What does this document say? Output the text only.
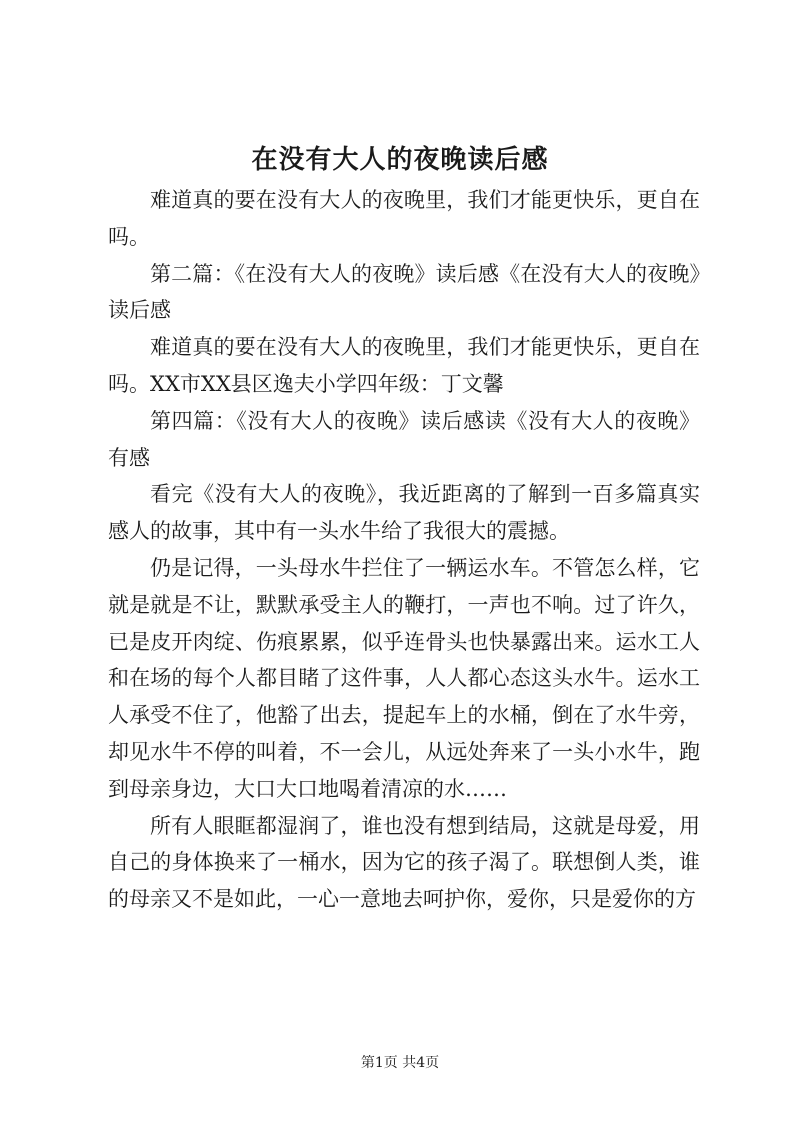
在没有大人的夜晚读后感

难道真的要在没有大人的夜晚里，我们才能更快乐，更自在吗。

第二篇：《在没有大人的夜晚》读后感《在没有大人的夜晚》读后感

难道真的要在没有大人的夜晚里，我们才能更快乐，更自在吗。XX市XX县区逸夫小学四年级：丁文馨

第四篇：《没有大人的夜晚》读后感读《没有大人的夜晚》有感

看完《没有大人的夜晚》，我近距离的了解到一百多篇真实感人的故事，其中有一头水牛给了我很大的震撼。

仍是记得，一头母水牛拦住了一辆运水车。不管怎么样，它就是就是不让，默默承受主人的鞭打，一声也不响。过了许久，已是皮开肉绽、伤痕累累，似乎连骨头也快暴露出来。运水工人和在场的每个人都目睹了这件事，人人都心态这头水牛。运水工人承受不住了，他豁了出去，提起车上的水桶，倒在了水牛旁，却见水牛不停的叫着，不一会儿，从远处奔来了一头小水牛，跑到母亲身边，大口大口地喝着清凉的水……

所有人眼眶都湿润了，谁也没有想到结局，这就是母爱，用自己的身体换来了一桶水，因为它的孩子渴了。联想倒人类，谁的母亲又不是如此，一心一意地去呵护你，爱你，只是爱你的方

第1页 共4页
